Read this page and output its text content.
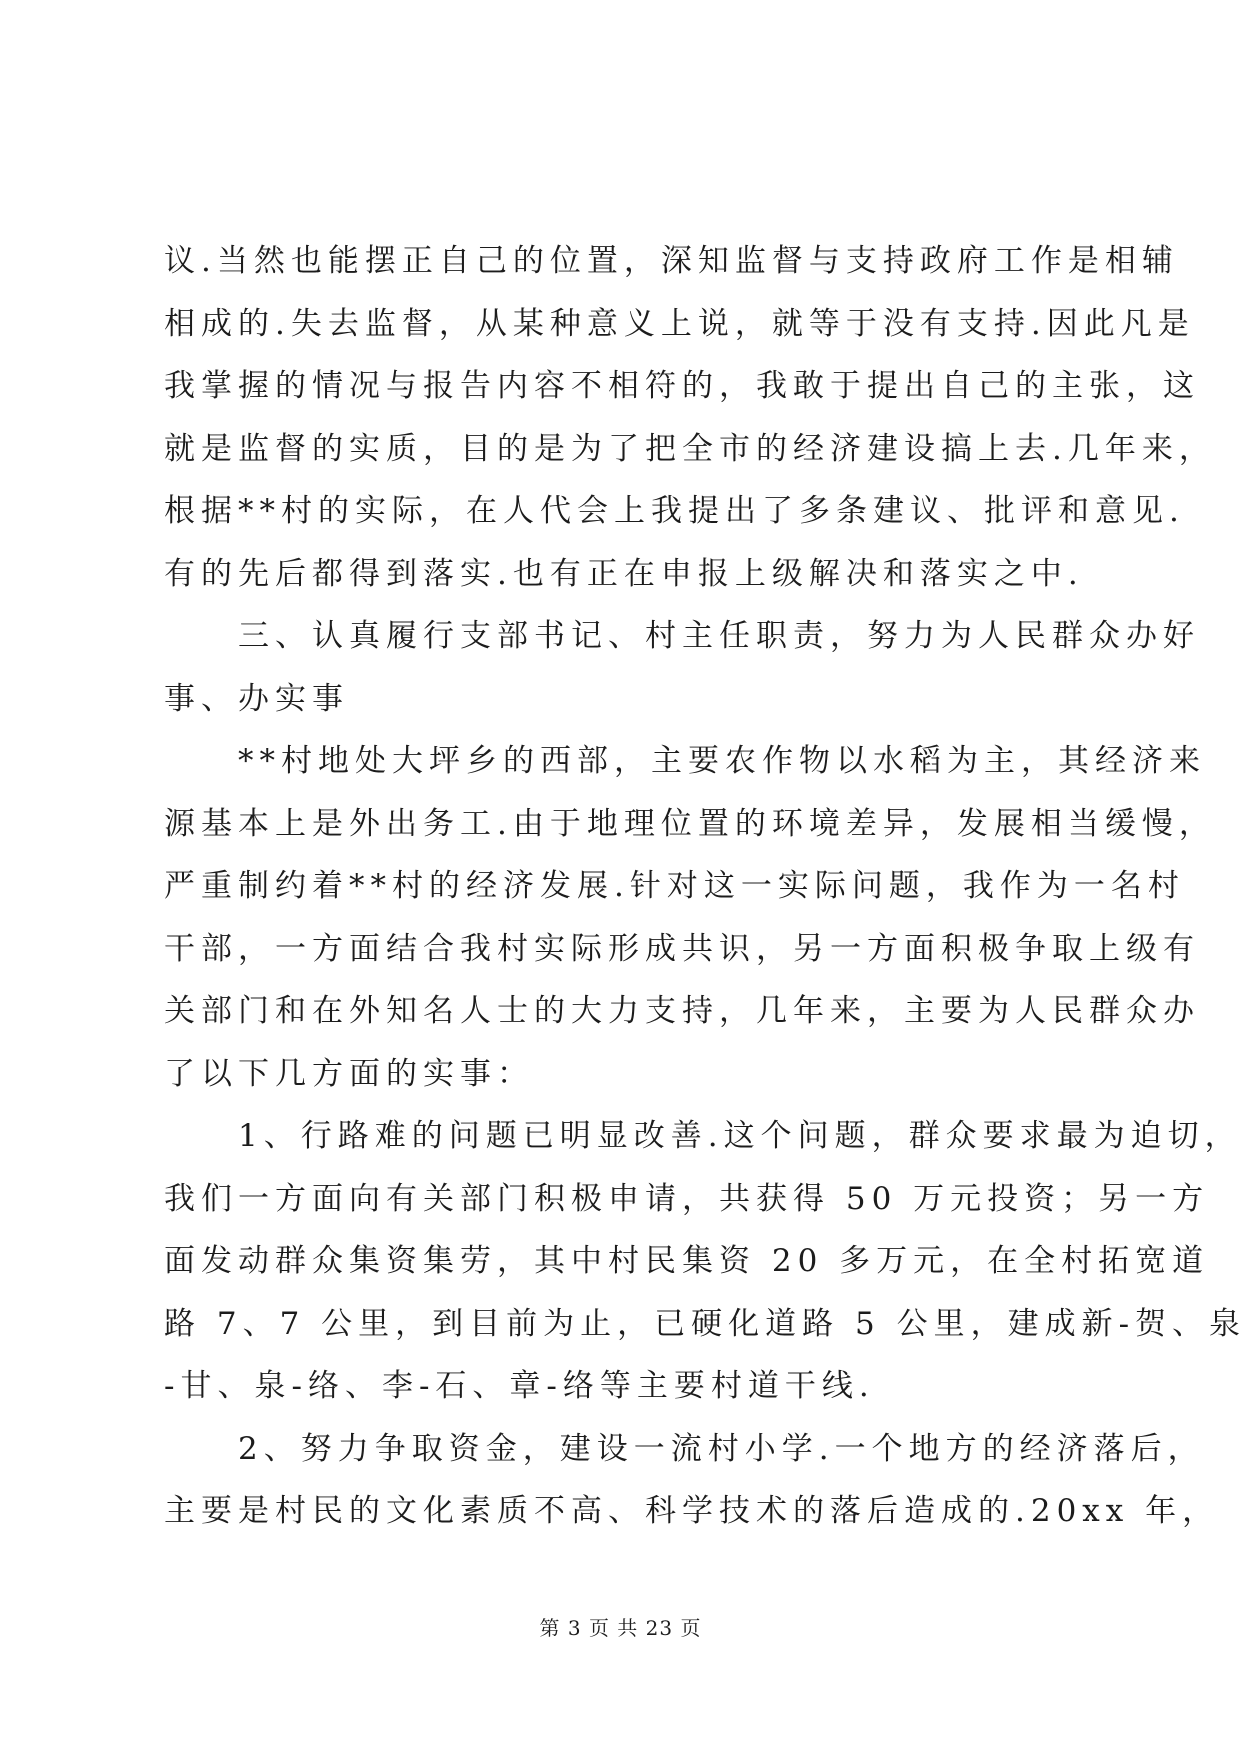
议.当然也能摆正自己的位置，深知监督与支持政府工作是相辅
相成的.失去监督，从某种意义上说，就等于没有支持.因此凡是
我掌握的情况与报告内容不相符的，我敢于提出自己的主张，这
就是监督的实质，目的是为了把全市的经济建设搞上去.几年来，
根据**村的实际，在人代会上我提出了多条建议、批评和意见.
有的先后都得到落实.也有正在申报上级解决和落实之中.
　　三、认真履行支部书记、村主任职责，努力为人民群众办好
事、办实事
　　**村地处大坪乡的西部，主要农作物以水稻为主，其经济来
源基本上是外出务工.由于地理位置的环境差异，发展相当缓慢，
严重制约着**村的经济发展.针对这一实际问题，我作为一名村
干部，一方面结合我村实际形成共识，另一方面积极争取上级有
关部门和在外知名人士的大力支持，几年来，主要为人民群众办
了以下几方面的实事：
　　1、行路难的问题已明显改善.这个问题，群众要求最为迫切，
我们一方面向有关部门积极申请，共获得 50 万元投资；另一方
面发动群众集资集劳，其中村民集资 20 多万元，在全村拓宽道
路 7、7 公里，到目前为止，已硬化道路 5 公里，建成新-贺、泉
-甘、泉-络、李-石、章-络等主要村道干线.
　　2、努力争取资金，建设一流村小学.一个地方的经济落后，
主要是村民的文化素质不高、科学技术的落后造成的.20xx 年，
第 3 页 共 23 页
